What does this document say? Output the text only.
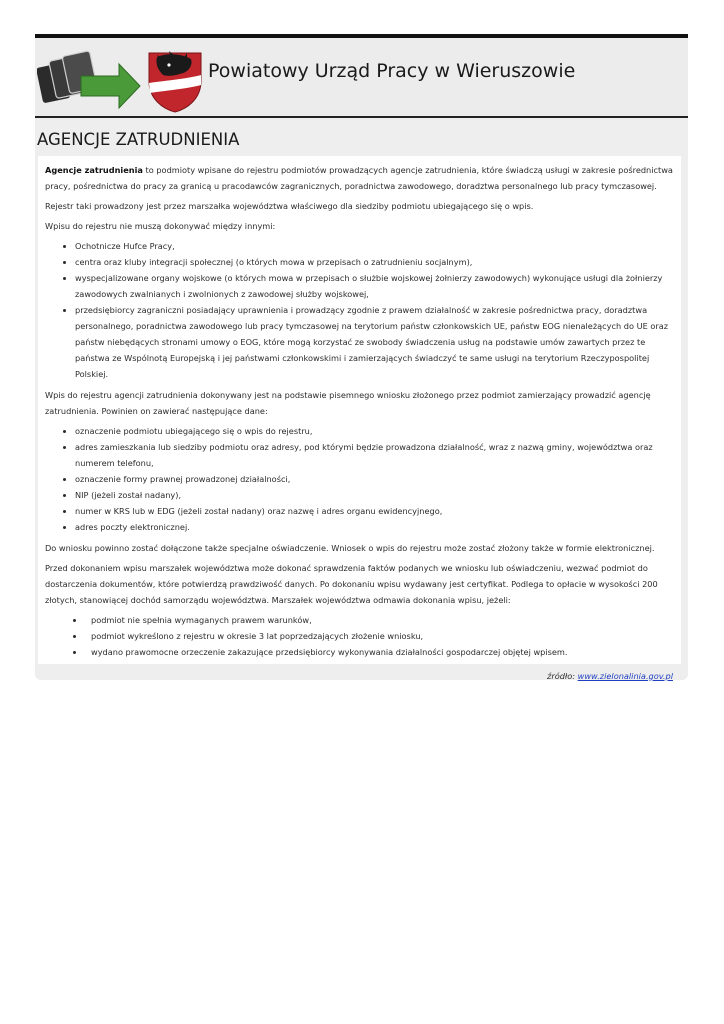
Powiatowy Urząd Pracy w Wieruszowie
AGENCJE ZATRUDNIENIA

Agencje zatrudnienia to podmioty wpisane do rejestru podmiotów prowadzących agencje zatrudnienia, które świadczą usługi w zakresie pośrednictwa pracy, pośrednictwa do pracy za granicą u pracodawców zagranicznych, poradnictwa zawodowego, doradztwa personalnego lub pracy tymczasowej.

Rejestr taki prowadzony jest przez marszałka województwa właściwego dla siedziby podmiotu ubiegającego się o wpis.

Wpisu do rejestru nie muszą dokonywać między innymi:

• Ochotnicze Hufce Pracy,
• centra oraz kluby integracji społecznej (o których mowa w przepisach o zatrudnieniu socjalnym),
• wyspecjalizowane organy wojskowe (o których mowa w przepisach o służbie wojskowej żołnierzy zawodowych) wykonujące usługi dla żołnierzy zawodowych zwalnianych i zwolnionych z zawodowej służby wojskowej,
• przedsiębiorcy zagraniczni posiadający uprawnienia i prowadzący zgodnie z prawem działalność w zakresie pośrednictwa pracy, doradztwa personalnego, poradnictwa zawodowego lub pracy tymczasowej na terytorium państw członkowskich UE, państw EOG nienależących do UE oraz państw niebędących stronami umowy o EOG, które mogą korzystać ze swobody świadczenia usług na podstawie umów zawartych przez te państwa ze Wspólnotą Europejską i jej państwami członkowskimi i zamierzających świadczyć te same usługi na terytorium Rzeczypospolitej Polskiej.

Wpis do rejestru agencji zatrudnienia dokonywany jest na podstawie pisemnego wniosku złożonego przez podmiot zamierzający prowadzić agencję zatrudnienia. Powinien on zawierać następujące dane:

• oznaczenie podmiotu ubiegającego się o wpis do rejestru,
• adres zamieszkania lub siedziby podmiotu oraz adresy, pod którymi będzie prowadzona działalność, wraz z nazwą gminy, województwa oraz numerem telefonu,
• oznaczenie formy prawnej prowadzonej działalności,
• NIP (jeżeli został nadany),
• numer w KRS lub w EDG (jeżeli został nadany) oraz nazwę i adres organu ewidencyjnego,
• adres poczty elektronicznej.

Do wniosku powinno zostać dołączone także specjalne oświadczenie. Wniosek o wpis do rejestru może zostać złożony także w formie elektronicznej.

Przed dokonaniem wpisu marszałek województwa może dokonać sprawdzenia faktów podanych we wniosku lub oświadczeniu, wezwać podmiot do dostarczenia dokumentów, które potwierdzą prawdziwość danych. Po dokonaniu wpisu wydawany jest certyfikat. Podlega to opłacie w wysokości 200 złotych, stanowiącej dochód samorządu województwa. Marszałek województwa odmawia dokonania wpisu, jeżeli:

• podmiot nie spełnia wymaganych prawem warunków,
• podmiot wykreślono z rejestru w okresie 3 lat poprzedzających złożenie wniosku,
• wydano prawomocne orzeczenie zakazujące przedsiębiorcy wykonywania działalności gospodarczej objętej wpisem.
źródło: www.zielonalinia.gov.pl
